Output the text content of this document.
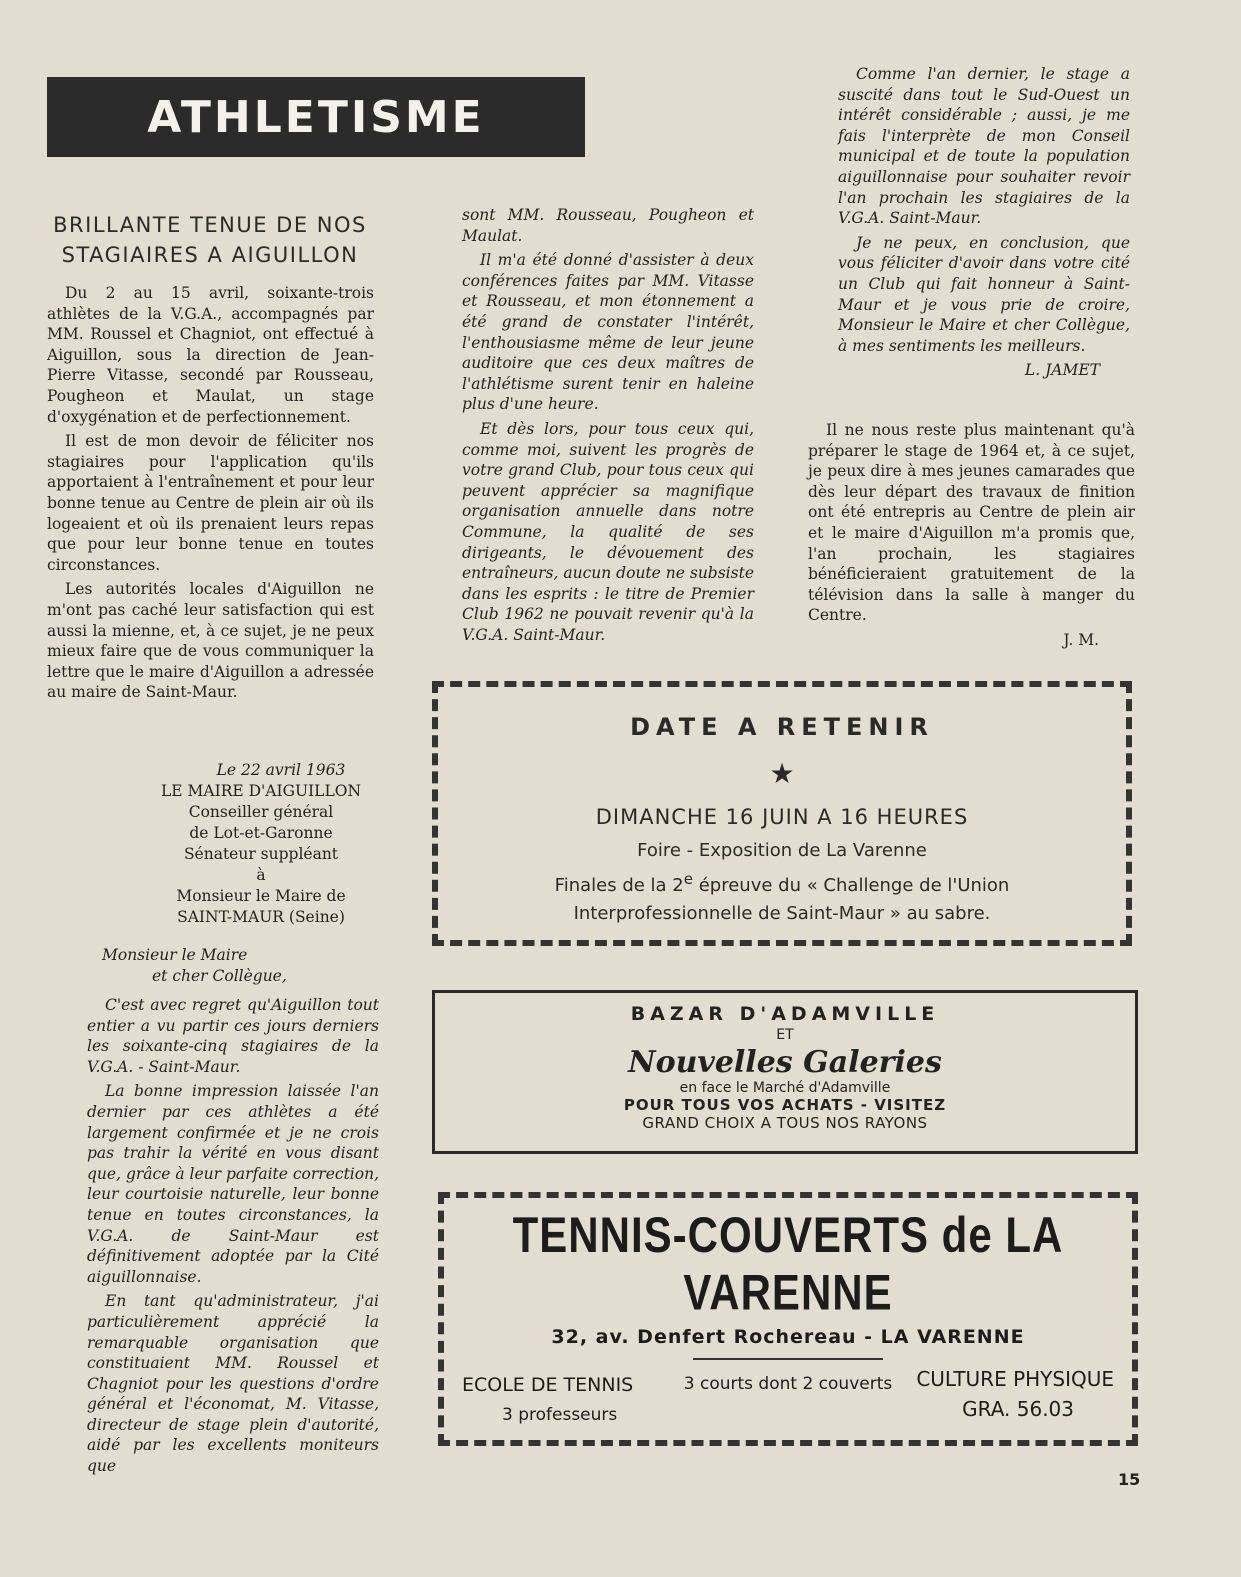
ATHLETISME
BRILLANTE TENUE DE NOS STAGIAIRES A AIGUILLON

Du 2 au 15 avril, soixante-trois athlètes de la V.G.A., accompagnés par MM. Roussel et Chagniot, ont effectué à Aiguillon, sous la direction de Jean-Pierre Vitasse, secondé par Rousseau, Pougheon et Maulat, un stage d'oxygénation et de perfectionnement.

Il est de mon devoir de féliciter nos stagiaires pour l'application qu'ils apportaient à l'entraînement et pour leur bonne tenue au Centre de plein air où ils logeaient et où ils prenaient leurs repas que pour leur bonne tenue en toutes circonstances.

Les autorités locales d'Aiguillon ne m'ont pas caché leur satisfaction qui est aussi la mienne, et, à ce sujet, je ne peux mieux faire que de vous communiquer la lettre que le maire d'Aiguillon a adressée au maire de Saint-Maur.

Le 22 avril 1963
LE MAIRE D'AIGUILLON
Conseiller général
de Lot-et-Garonne
Sénateur suppléant
à
Monsieur le Maire de
SAINT-MAUR (Seine)
Monsieur le Maire
et cher Collègue,

C'est avec regret qu'Aiguillon tout entier a vu partir ces jours derniers les soixante-cinq stagiaires de la V.G.A. - Saint-Maur.

La bonne impression laissée l'an dernier par ces athlètes a été largement confirmée et je ne crois pas trahir la vérité en vous disant que, grâce à leur parfaite correction, leur courtoisie naturelle, leur bonne tenue en toutes circonstances, la V.G.A. de Saint-Maur est définitivement adoptée par la Cité aiguillonnaise.

En tant qu'administrateur, j'ai particulièrement apprécié la remarquable organisation que constituaient MM. Roussel et Chagniot pour les questions d'ordre général et l'économat, M. Vitasse, directeur de stage plein d'autorité, aidé par les excellents moniteurs que

sont MM. Rousseau, Pougheon et Maulat.

Il m'a été donné d'assister à deux conférences faites par MM. Vitasse et Rousseau, et mon étonnement a été grand de constater l'intérêt, l'enthousiasme même de leur jeune auditoire que ces deux maîtres de l'athlétisme surent tenir en haleine plus d'une heure.

Et dès lors, pour tous ceux qui, comme moi, suivent les progrès de votre grand Club, pour tous ceux qui peuvent apprécier sa magnifique organisation annuelle dans notre Commune, la qualité de ses dirigeants, le dévouement des entraîneurs, aucun doute ne subsiste dans les esprits : le titre de Premier Club 1962 ne pouvait revenir qu'à la V.G.A. Saint-Maur.

Comme l'an dernier, le stage a suscité dans tout le Sud-Ouest un intérêt considérable ; aussi, je me fais l'interprète de mon Conseil municipal et de toute la population aiguillonnaise pour souhaiter revoir l'an prochain les stagiaires de la V.G.A. Saint-Maur.

Je ne peux, en conclusion, que vous féliciter d'avoir dans votre cité un Club qui fait honneur à Saint-Maur et je vous prie de croire, Monsieur le Maire et cher Collègue, à mes sentiments les meilleurs.

L. JAMET

Il ne nous reste plus maintenant qu'à préparer le stage de 1964 et, à ce sujet, je peux dire à mes jeunes camarades que dès leur départ des travaux de finition ont été entrepris au Centre de plein air et le maire d'Aiguillon m'a promis que, l'an prochain, les stagiaires bénéficieraient gratuitement de la télévision dans la salle à manger du Centre.

J. M.

DATE A RETENIR
★
DIMANCHE 16 JUIN A 16 HEURES
Foire - Exposition de La Varenne
Finales de la 2e épreuve du « Challenge de l'Union
Interprofessionnelle de Saint-Maur » au sabre.
BAZAR D'ADAMVILLE
ET
Nouvelles Galeries
en face le Marché d'Adamville
POUR TOUS VOS ACHATS - VISITEZ
GRAND CHOIX A TOUS NOS RAYONS
TENNIS-COUVERTS de LA VARENNE
32, av. Denfert Rochereau - LA VARENNE
3 courts dont 2 couverts
ECOLE DE TENNIS
3 professeurs
CULTURE PHYSIQUE
GRA. 56.03
15
